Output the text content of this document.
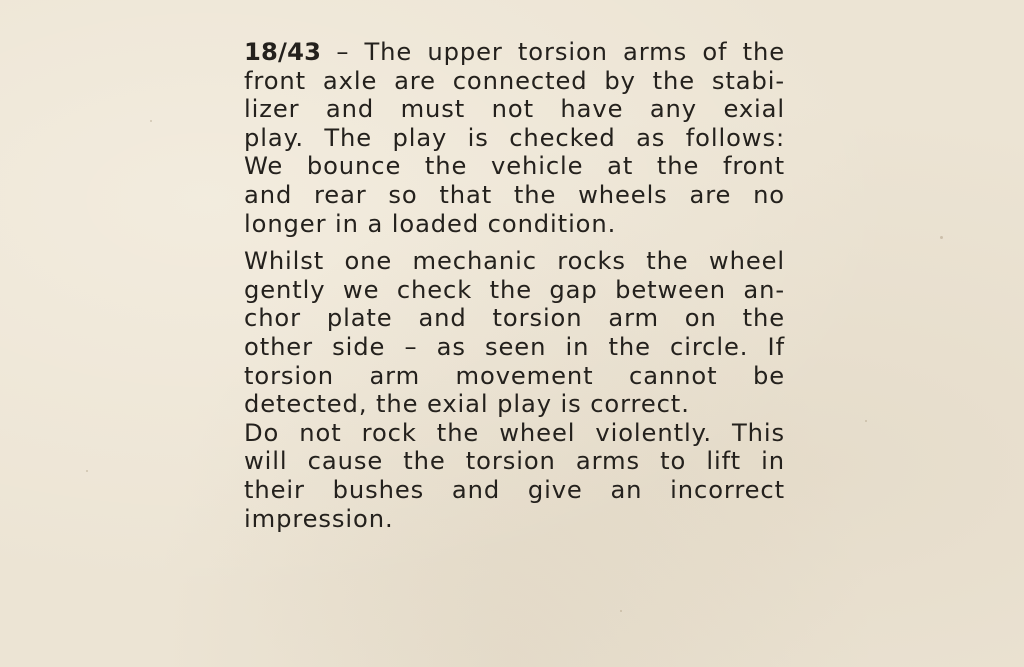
18/43 – The upper torsion arms of the
front axle are connected by the stabi-
lizer and must not have any exial
play. The play is checked as follows:
We bounce the vehicle at the front
and rear so that the wheels are no
longer in a loaded condition.
Whilst one mechanic rocks the wheel
gently we check the gap between an-
chor plate and torsion arm on the
other side – as seen in the circle. If
torsion arm movement cannot be
detected, the exial play is correct.
Do not rock the wheel violently. This
will cause the torsion arms to lift in
their bushes and give an incorrect
impression.
